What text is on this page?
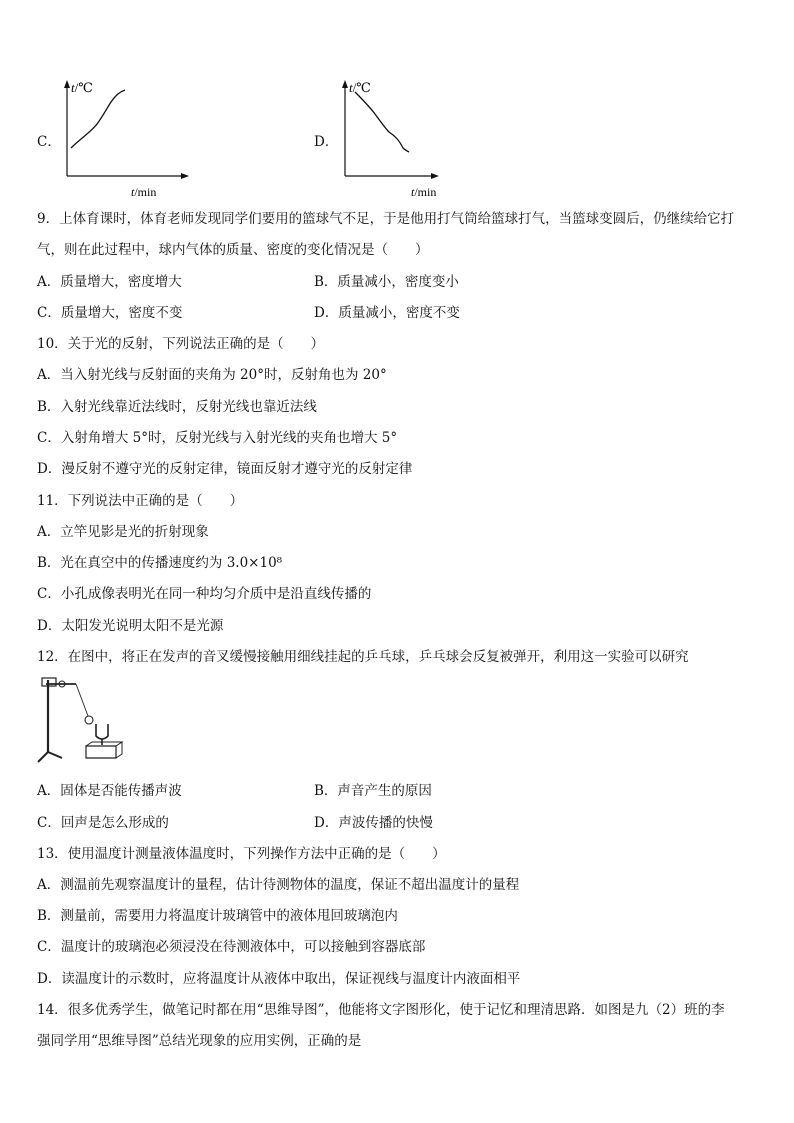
C．
t/℃
t/min
D．
t/℃
t/min
9．上体育课时，体育老师发现同学们要用的篮球气不足，于是他用打气筒给篮球打气，当篮球变圆后，仍继续给它打
气，则在此过程中，球内气体的质量、密度的变化情况是（　　）
A．质量增大，密度增大	B．质量减小，密度变小
C．质量增大，密度不变	D．质量减小，密度不变
10．关于光的反射，下列说法正确的是（　　）
A．当入射光线与反射面的夹角为 20°时，反射角也为 20°
B．入射光线靠近法线时，反射光线也靠近法线
C．入射角增大 5°时，反射光线与入射光线的夹角也增大 5°
D．漫反射不遵守光的反射定律，镜面反射才遵守光的反射定律
11．下列说法中正确的是（　　）
A．立竿见影是光的折射现象
B．光在真空中的传播速度约为 3.0×10⁸
C．小孔成像表明光在同一种均匀介质中是沿直线传播的
D．太阳发光说明太阳不是光源
12．在图中，将正在发声的音叉缓慢接触用细线挂起的乒乓球，乒乓球会反复被弹开，利用这一实验可以研究
A．固体是否能传播声波	B．声音产生的原因
C．回声是怎么形成的	D．声波传播的快慢
13．使用温度计测量液体温度时，下列操作方法中正确的是（　　）
A．测温前先观察温度计的量程，估计待测物体的温度，保证不超出温度计的量程
B．测量前，需要用力将温度计玻璃管中的液体甩回玻璃泡内
C．温度计的玻璃泡必须浸没在待测液体中，可以接触到容器底部
D．读温度计的示数时，应将温度计从液体中取出，保证视线与温度计内液面相平
14．很多优秀学生，做笔记时都在用“思维导图”，他能将文字图形化，使于记忆和理清思路．如图是九（2）班的李
强同学用“思维导图”总结光现象的应用实例，正确的是
